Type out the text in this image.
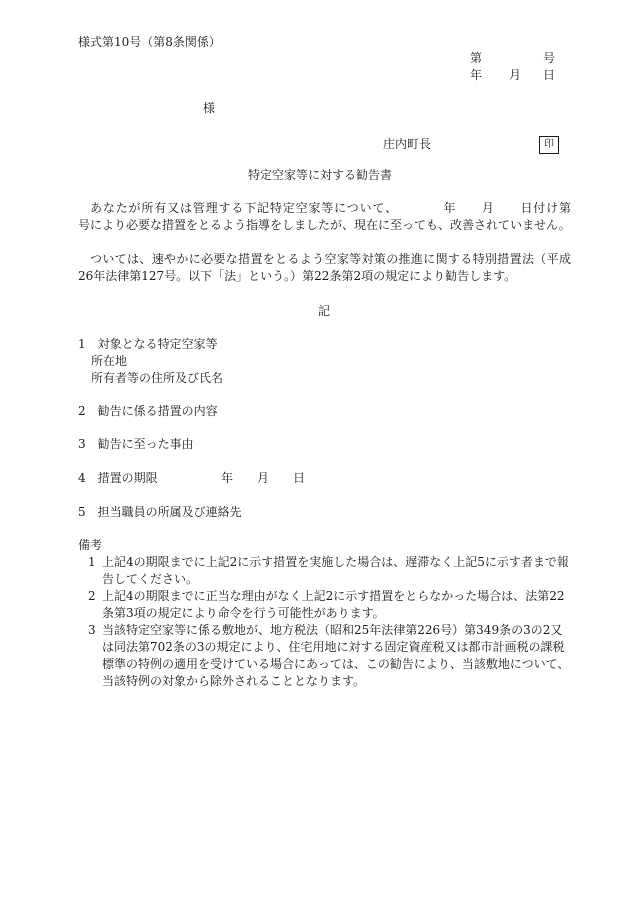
様式第10号（第8条関係）
第	号
年 月 日
様
庄内町長	印
特定空家等に対する勧告書
あなたが所有又は管理する下記特定空家等について、　　　　年　　月　　日付け第　　号により必要な措置をとるよう指導をしましたが、現在に至っても、改善されていません。
ついては、速やかに必要な措置をとるよう空家等対策の推進に関する特別措置法（平成26年法律第127号。以下「法」という。）第22条第2項の規定により勧告します。
記
1　対象となる特定空家等
所在地
所有者等の住所及び氏名
2　勧告に係る措置の内容
3　勧告に至った事由
4　措置の期限	年　　月　　日
5　担当職員の所属及び連絡先
備考
1 上記4の期限までに上記2に示す措置を実施した場合は、遅滞なく上記5に示す者まで報告してください。
2 上記4の期限までに正当な理由がなく上記2に示す措置をとらなかった場合は、法第22条第3項の規定により命令を行う可能性があります。
3 当該特定空家等に係る敷地が、地方税法（昭和25年法律第226号）第349条の3の2又は同法第702条の3の規定により、住宅用地に対する固定資産税又は都市計画税の課税標準の特例の適用を受けている場合にあっては、この勧告により、当該敷地について、当該特例の対象から除外されることとなります。
